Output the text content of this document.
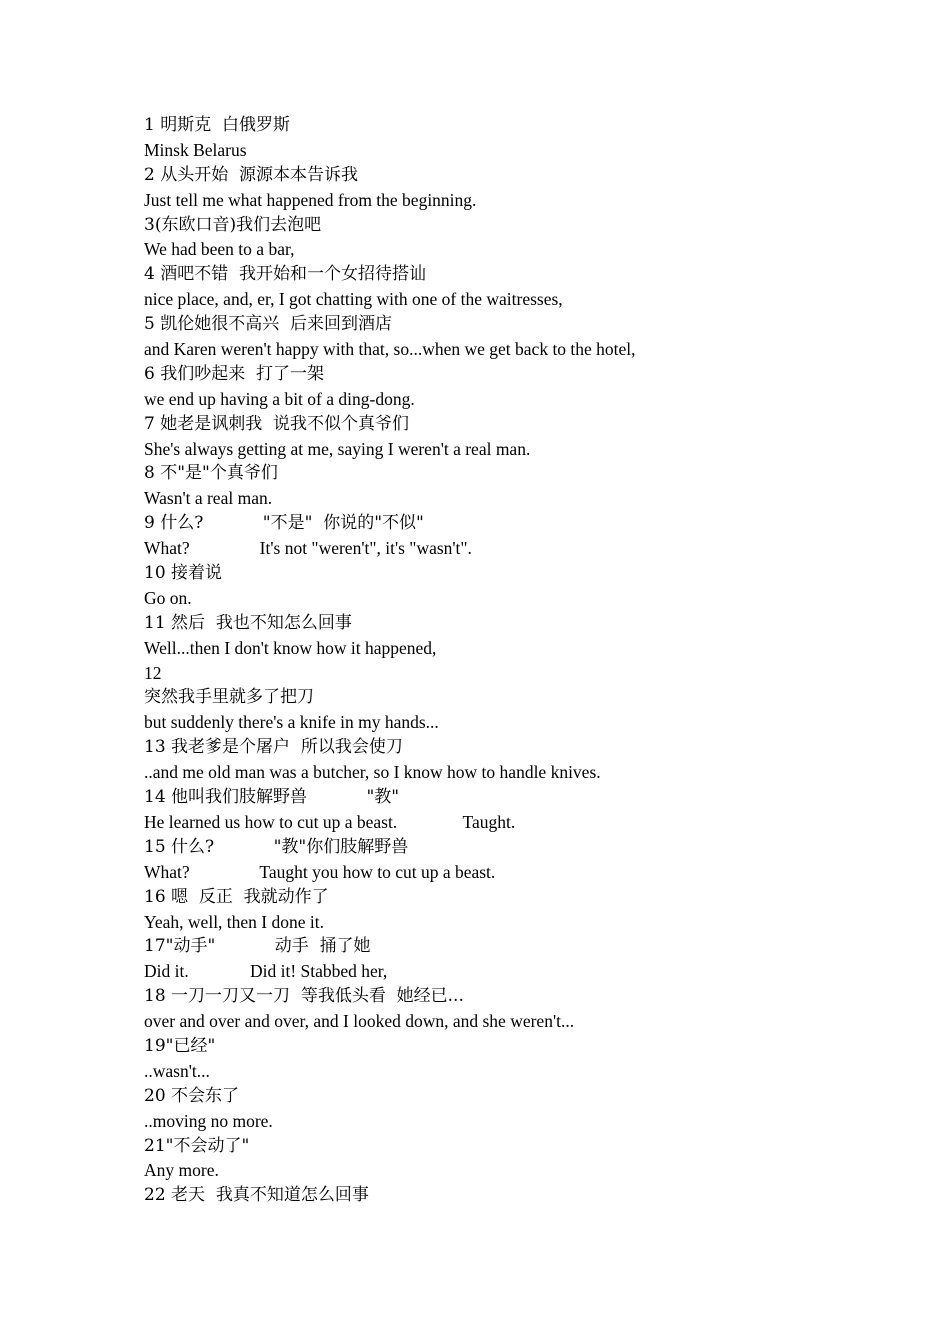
1 明斯克  白俄罗斯
Minsk Belarus
2 从头开始  源源本本告诉我
Just tell me what happened from the beginning.
3(东欧口音)我们去泡吧
We had been to a bar,
4 酒吧不错  我开始和一个女招待搭讪
nice place, and, er, I got chatting with one of the waitresses,
5 凯伦她很不高兴  后来回到酒店
and Karen weren't happy with that, so...when we get back to the hotel,
6 我们吵起来  打了一架
we end up having a bit of a ding-dong.
7 她老是讽刺我  说我不似个真爷们
She's always getting at me, saying I weren't a real man.
8 不"是"个真爷们
Wasn't a real man.
9 什么?           "不是"  你说的"不似"
What?                It's not "weren't", it's "wasn't".
10 接着说
Go on.
11 然后  我也不知怎么回事
Well...then I don't know how it happened,
12
突然我手里就多了把刀
but suddenly there's a knife in my hands...
13 我老爹是个屠户  所以我会使刀
..and me old man was a butcher, so I know how to handle knives.
14 他叫我们肢解野兽           "教"
He learned us how to cut up a beast.               Taught.
15 什么?           "教"你们肢解野兽
What?                Taught you how to cut up a beast.
16 嗯  反正  我就动作了
Yeah, well, then I done it.
17"动手"           动手  捅了她
Did it.              Did it! Stabbed her,
18 一刀一刀又一刀  等我低头看  她经已...
over and over and over, and I looked down, and she weren't...
19"已经"
..wasn't...
20 不会东了
..moving no more.
21"不会动了"
Any more.
22 老天  我真不知道怎么回事
